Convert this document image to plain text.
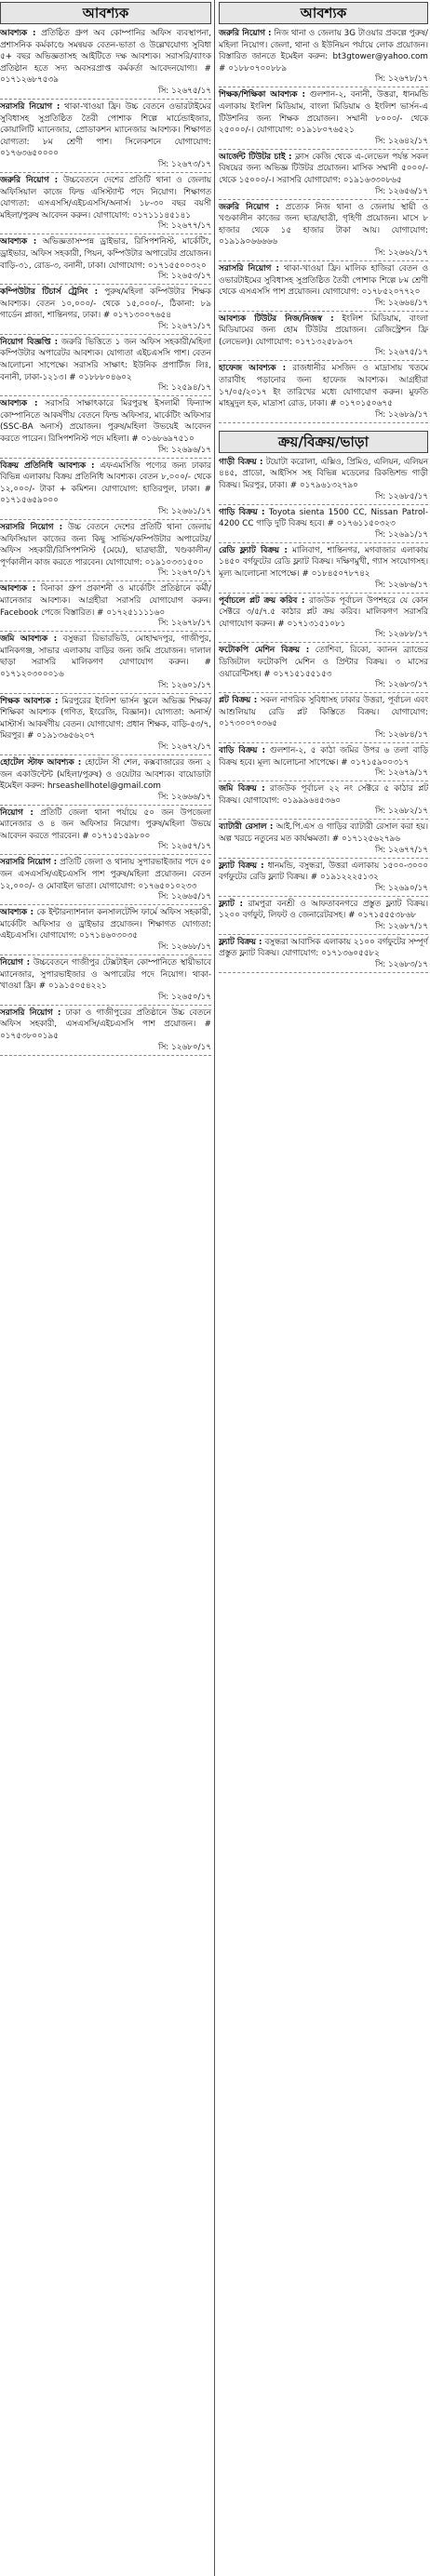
আবশ্যক

আবশ্যক : প্রতিষ্ঠিত গ্রুপ অব কোম্পানির অফিস ব্যবস্থাপনা, প্রশাসনিক কর্মকাণ্ডে সমন্বয়ক বেতন-ভাতা ও উল্লেখযোগ্য সুবিধা ৫+ বছর অভিজ্ঞতাসহ আইটিতে দক্ষ আবশ্যক। সরাসরি/ব্যাংক প্রতিষ্ঠান হতে সদ্য অবসরপ্রাপ্ত কর্মকর্তা আবেদনযোগ্য। # ০১৭১২৬৮৭৫৩৯

সি: ১২৬৭৫/১৭

সরাসরি নিয়োগ : থাকা-খাওয়া ফ্রি। উচ্চ বেতনে ওভারটাইমের সুবিধাসহ সুপ্রতিষ্ঠিত তৈরী পোশাক শিল্পে মার্চেন্ডাইজার, কোয়ালিটি ম্যানেজার, প্রোডাকশন ম্যানেজার আবশ্যক। শিক্ষাগত যোগ্যতা: ৮ম শ্রেণী পাশ। সিলেকশনে যোগাযোগ: ০১৭৬৩৬৫০০০০

সি: ১২৬৭৩/১৭

জরুরি নিয়োগ : উচ্চবেতনে দেশের প্রতিটি থানা ও জেলায় অফিসিয়াল কাজে ফিল্ড এসিস্ট্যান্ট পদে নিয়োগ। শিক্ষাগত যোগ্যতা: এসএসসি/এইচএসসি/অনার্স। ১৮-৩০ বছর বয়সী মহিলা/পুরুষ আবেদন করুন। যোগাযোগ: ০১৭১১১৪৫১৪১

সি: ১২৬৭৭/১৭

আবশ্যক : অভিজ্ঞতাসম্পন্ন ড্রাইভার, রিসিপশনিস্ট, মার্কেটিং, ড্রাইভার, অফিস সহকারী, পিয়ন, কম্পিউটার অপারেটর প্রয়োজন। বাড়ি-৩১, রোড-৩, বনানী, ঢাকা। যোগাযোগ: ০১৭১৫৫০০৩২০

সি: ১২৬৫৩/১৭

কম্পিউটার টিচার্স ট্রেনিং : পুরুষ/মহিলা কম্পিউটার শিক্ষক আবশ্যক। বেতন ১০,০০০/- থেকে ১৫,০০০/-, ঠিকানা: ৮৯ গার্ডেন প্লাজা, শান্তিনগর, ঢাকা। # ০১৭১৩০০৭৬৫৪

সি: ১২৬৭১/১৭

নিয়োগ বিজ্ঞপ্তি : জরুরি ভিত্তিতে ১ জন অফিস সহকারী/মহিলা কম্পিউটার অপারেটর আবশ্যক। যোগ্যতা এইচএসসি পাশ। বেতন আলোচনা সাপেক্ষে। সরাসরি সাক্ষাৎ: ইউনিক প্রপার্টিজ লিঃ, বনানী, ঢাকা-১২১৩। # ০১৮৮৮০৪৬০২

সি: ১২৫৯৪/১৭

আবশ্যক : সরাসরি সাক্ষাৎকারে মিরপুরস্থ ইসলামী ফিন্যান্স কোম্পানিতে আকর্ষণীয় বেতনে ফিল্ড অফিসার, মার্কেটিং অফিসার (SSC-BA অনার্স) প্রয়োজন। পুরুষ/মহিলা উভয়েই আবেদন করতে পারেন। রিসিপশনিস্ট পদে মহিলা। # ০১৬৮৬৯৭৫১০

সি: ১২৬৯৬/১৭

বিক্রয় প্রতিনিধি আবশ্যক : এফএমসিজি পণ্যের জন্য ঢাকার বিভিন্ন এলাকায় বিক্রয় প্রতিনিধি আবশ্যক। বেতন ৮,০০০/- থেকে ১২,০০০/- টাকা + কমিশন। যোগাযোগ: হাতিরপুল, ঢাকা। # ০১৭১৫৬৫৯০০০

সি: ১২৬৬১/১৭

সরাসরি নিয়োগ : উচ্চ বেতনে দেশের প্রতিটি থানা জেলায় অফিসিয়াল কাজের জন্য কিছু সার্ভিস/কম্পিউটার অপারেটর/অফিস সহকারী/রিসিপশনিস্ট (মেয়ে), ছাত্রছাত্রী, খণ্ডকালীন/পূর্ণকালীন কাজ করতে পারবেন। যোগাযোগ: ০১৯১০৩৩১৫০০

সি: ১২৬৭০/১৭

আবশ্যক : বিনাকা গ্রুপ প্রকাশনী ও মার্কেটিং প্রতিষ্ঠানে কর্মী/ম্যানেজার আবশ্যক। আগ্রহীরা সরাসরি যোগাযোগ করুন। Facebook পেজে বিস্তারিত। # ০১৭২৫১১১১৬০

সি: ১২৬৭৮/১৭

জমি আবশ্যক : বসুন্ধরা রিভারভিউ, মোহাম্মদপুর, গাজীপুর, মানিকগঞ্জ, সাভার এলাকায় বাড়ির জন্য জমি প্রয়োজন। দালাল ছাড়া সরাসরি মালিকগণ যোগাযোগ করুন। # ০১৭১২০৩০০০১৬

সি: ১২৬০১/১৭

শিক্ষক আবশ্যক : মিরপুরের ইংলিশ ভার্সন স্কুলে অভিজ্ঞ শিক্ষক/শিক্ষিকা আবশ্যক (গণিত, ইংরেজি, বিজ্ঞান)। যোগ্যতা: অনার্স/মাস্টার্স। আকর্ষণীয় বেতন। যোগাযোগ: প্রধান শিক্ষক, বাড়ি-৫৩/৭, মিরপুর। # ০১৯১৩৬৫৬২০৭

সি: ১২৬৭২/১৭

হোটেল স্টাফ আবশ্যক : হোটেল সী শেল, কক্সবাজারের জন্য ২ জন একাউন্টেন্ট (মহিলা/পুরুষ) ও ওয়েটার আবশ্যক। বায়োডাটা ইমেইল করুন: hrseashellhotel@gmail.com

সি: ১২৬৬৬/১৭

নিয়োগ : প্রতিটি জেলা থানা পর্যায়ে ৫০ জন উপজেলা ম্যানেজার ও ৪ জন অফিসার নিয়োগ। পুরুষ/মহিলা উভয়ে আবেদন করতে পারবেন। # ০১৭১৫১৫৯৮০০

সি: ১২৬৫৭/১৭

সরাসরি নিয়োগ : প্রতিটি জেলা ও থানায় সুপারভাইজার পদে ৫০ জন এসএসসি/এইচএসসি পাশ পুরুষ/মহিলা প্রয়োজন। বেতন ১২,০০০/- ও মোবাইল ভাতা। যোগাযোগ: ০১৭৬৫০১০২৩৩

সি: ১২৬৬৫/১৭

আবশ্যক : কে ইন্টারন্যাশনাল কনসালটেন্সি ফার্মে অফিস সহকারী, মার্কেটিং অফিসার ও ড্রাইভার প্রয়োজন। শিক্ষাগত যোগ্যতা: এইচএসসি। যোগাযোগ: ০১৭১৪৬০৩০৩৫

সি: ১২৬৬৮/১৭

নিয়োগ : উচ্চবেতনে গাজীপুর টেক্সটাইল কোম্পানিতে স্থায়ীভাবে ম্যানেজার, সুপারভাইজার ও অপারেটর পদে নিয়োগ। থাকা-খাওয়া ফ্রি। # ০১৯১৫০৫৪২২১

সি: ১২৬৫০/১৭

সরাসরি নিয়োগ : ঢাকা ও গাজীপুরের প্রতিষ্ঠানে উচ্চ বেতনে অফিস সহকারী, এসএসসি/এইচএসসি পাশ প্রয়োজন। # ০১৭৫৩৮০০১৯৫

সি: ১২৬৮০/১৭

আবশ্যক

জরুরি নিয়োগ : নিজ থানা ও জেলায় 3G টাওয়ার প্রকল্পে পুরুষ/মহিলা নিয়োগ। জেলা, থানা ও ইউনিয়ন পর্যায়ে লোক প্রয়োজন। বিস্তারিত জানতে ইমেইল করুন: bt3gtower@yahoo.com # ০১৮৮০৭০০৮৮৯

সি: ১২৬৭৮/১৭

শিক্ষক/শিক্ষিকা আবশ্যক : গুলশান-২, বনানী, উত্তরা, ধানমন্ডি এলাকায় ইংলিশ মিডিয়াম, বাংলা মিডিয়াম ও ইংলিশ ভার্সন-এ টিউশনির জন্য শিক্ষক প্রয়োজন। সম্মানী ৮০০০/- থেকে ২৫০০০/-। যোগাযোগ: ০১৯১৮০৭৬৫২১

সি: ১২৬৪২/১৭

আর্জেন্ট টিউটর চাই : ক্লাস কেজি থেকে এ-লেভেল পর্যন্ত সকল বিষয়ের জন্য অভিজ্ঞ টিউটর প্রয়োজন। মাসিক সম্মানী ৫০০০/- থেকে ১৫০০০/-। সরাসরি যোগাযোগ: ০১৯১৬৩৩০৮৬৫

সি: ১২৬৫৬/১৭

জরুরি নিয়োগ : প্রত্যেক নিজ থানা ও জেলায় স্থায়ী ও খণ্ডকালীন কাজের জন্য ছাত্র/ছাত্রী, গৃহিণী প্রয়োজন। মাসে ৮ হাজার থেকে ১৫ হাজার টাকা আয়। যোগাযোগ: ০১৯১৯০৬৬৬৬৬

সি: ১২৬৬২/১৭

সরাসরি নিয়োগ : থাকা-খাওয়া ফ্রি। মালিক হাজিরা বেতন ও ওভারটাইমের সুবিধাসহ সুপ্রতিষ্ঠিত তৈরী পোশাক শিল্পে ৮ম শ্রেণী থেকে এসএসসি পাশ প্রয়োজন। যোগাযোগ: ০১৭৮৫২০৭৭২০

সি: ১২৬৬৪/১৭

আবশ্যক টিউটর নিজ/নিজস্ব : ইংলিশ মিডিয়াম, বাংলা মিডিয়ামের জন্য হোম টিউটর প্রয়োজন। রেজিস্ট্রেশন ফ্রি (লেভেল)। যোগাযোগ: ০১৭১৩২৫৮৯৩৭

সি: ১২৬৭৫/১৭

হাফেজ আবশ্যক : রাজধানীর মসজিদ ও মাদ্রাসায় খতমে তারাবীহ পড়ানোর জন্য হাফেজ আবশ্যক। আগ্রহীরা ১৭/০৫/২০১৭ ইং তারিখের মধ্যে যোগাযোগ করুন। মুফতি মাহমুদুল হক, মাদ্রাসা রোড, ঢাকা। # ০১৭০১৫০৬৭৫

সি: ১২৬৮৯/১৭

ক্রয়/বিক্রয়/ভাড়া

গাড়ী বিক্রয় : টয়োটা করোলা, এক্সিও, প্রিমিও, এলিয়ন, এলিয়ন ৪৪৫, প্রাডো, আইসিস সহ বিভিন্ন মডেলের রিকন্ডিশন্ড গাড়ী বিক্রয়। মিরপুর, ঢাকা। # ০১৭৯৬১৩২৭৯০

সি: ১২৬৮৫/১৭

গাড়ি বিক্রয় : Toyota sienta 1500 CC, Nissan Patrol-4200 CC গাড়ি দুটি বিক্রয় হবে। # ০১৭৬১১৫০৩২৩

সি: ১২৬৯১/১৭

রেডি ফ্ল্যাট বিক্রয় : মালিবাগ, শান্তিনগর, মগবাজার এলাকায় ১৪৫০ বর্গফুটের রেডি ফ্ল্যাট বিক্রয়। দক্ষিণমুখী, গ্যাস সংযোগসহ। মূল্য আলোচনা সাপেক্ষে। # ০১৮৪৫০৭৮৭৪২

সি: ১২৬৮৬/১৭

পূর্বাচলে প্লট ক্রয় করিব : রাজউক পূর্বাচল উপশহরে যে কোন সেক্টরে ৩/৫/৭.৫ কাঠার প্লট ক্রয় করিব। মালিকগণ সরাসরি যোগাযোগ করুন। # ০১৭১৩১৫১০৮১

সি: ১২৬৮৮/১৭

ফটোকপি মেশিন বিক্রয় : তোশিবা, রিকো, ক্যানন ব্র্যান্ডের ডিজিটাল ফটোকপি মেশিন ও প্রিন্টার বিক্রয়। ৩ মাসের ওয়ারেন্টিসহ। # ০১৭১৫১৫৫১৫৩

সি: ১২৬৮৩/১৭

প্লট বিক্রয় : সকল নাগরিক সুবিধাসহ ঢাকার উত্তরা, পূর্বাচল এবং আশুলিয়ায় রেডি প্লট কিস্তিতে বিক্রয়। যোগাযোগ: ০১৭৩০০৭০৩৬৫

সি: ১২৬৮৪/১৭

বাড়ি বিক্রয় : গুলশান-২, ৫ কাঠা জমির উপর ৬ তলা বাড়ি বিক্রয় হবে। মূল্য আলোচনা সাপেক্ষে। # ০১৭১৫৯০০৩১৭

সি: ১২৬৭৯/১৭

জমি বিক্রয় : রাজউক পূর্বাচল ২২ নং সেক্টরে ৫ কাঠার প্লট বিক্রয়। যোগাযোগ: ০১৯৯৯৬৪৫৩৬০

সি: ১২৬৮২/১৭

ব্যাটারী রেসাল : আই.পি.এস ও গাড়ির ব্যাটারী রেসাল করা হয়। অল্প খরচে নতুনের মত কার্যক্ষমতা। # ০১৭১২৫৬২৭৯৬

সি: ১২৬৭৭/১৭

ফ্ল্যাট বিক্রয় : ধানমন্ডি, বসুন্ধরা, উত্তরা এলাকায় ১৫০০-৩০০০ বর্গফুটের রেডি ফ্ল্যাট বিক্রয়। # ০১৯১২২২৫১৩২

সি: ১২৬৯০/১৭

ফ্ল্যাট : রামপুরা বনশ্রী ও আফতাবনগরে প্রস্তুত ফ্ল্যাট বিক্রয়। ১২০০ বর্গফুট, লিফট ও জেনারেটরসহ। # ০১৭১৫৫৫৩৮৬৮

সি: ১২৬৮৭/১৭

ফ্ল্যাট বিক্রয় : বসুন্ধরা আবাসিক এলাকায় ২১০০ বর্গফুটের সম্পূর্ণ প্রস্তুত ফ্ল্যাট বিক্রয়। যোগাযোগ: ০১৭১৩৬০৫৫৮২

সি: ১২৬৮৩/১৭
